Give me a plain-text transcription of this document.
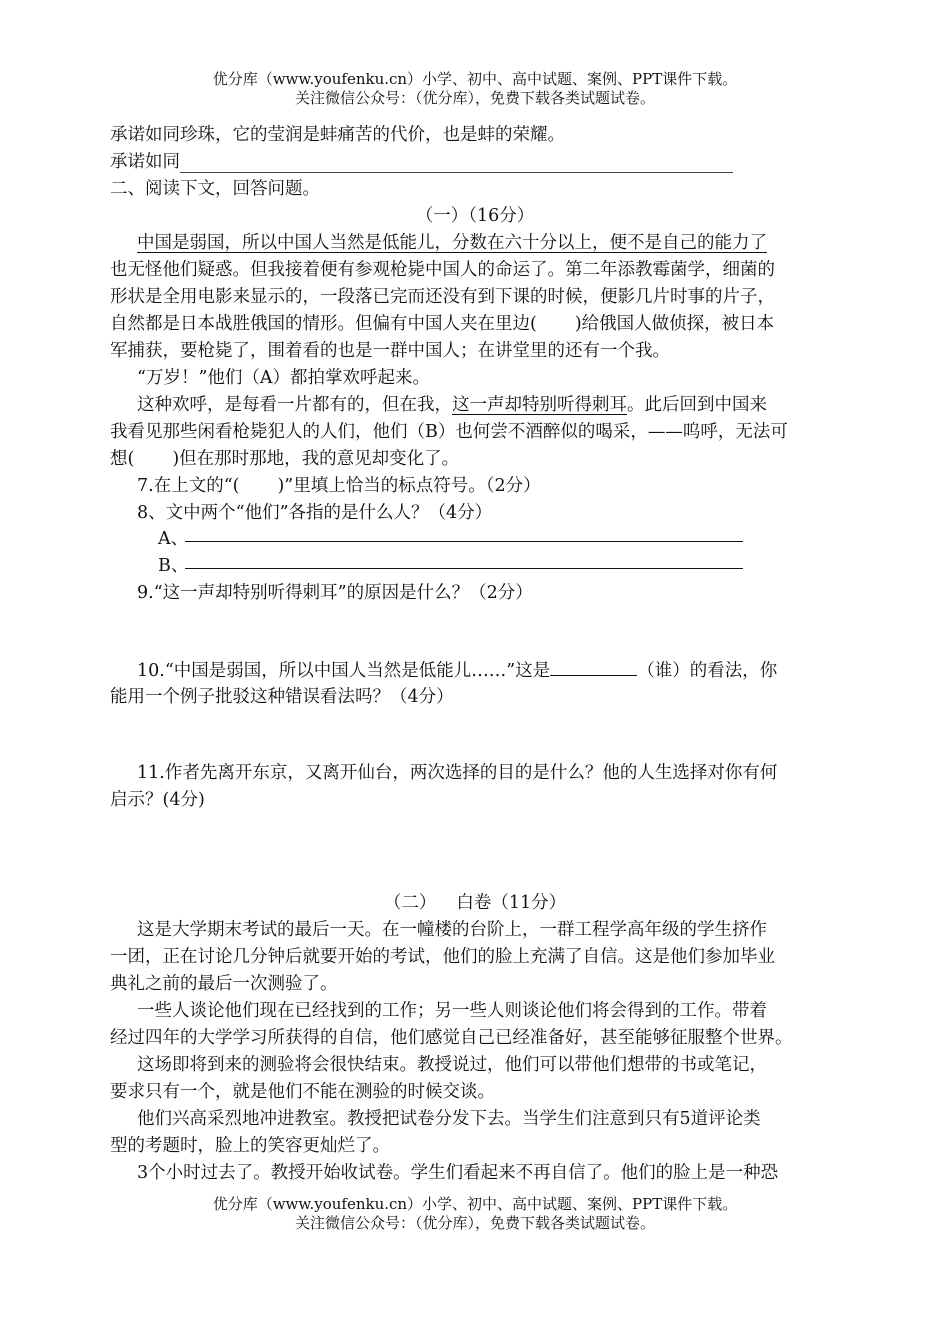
优分库（www.youfenku.cn）小学、初中、高中试题、案例、PPT课件下载。
关注微信公众号：（优分库），免费下载各类试题试卷。
承诺如同珍珠，它的莹润是蚌痛苦的代价，也是蚌的荣耀。
承诺如同
二、阅读下文，回答问题。
（一）（16分）
中国是弱国，所以中国人当然是低能儿，分数在六十分以上，便不是自己的能力了
也无怪他们疑惑。但我接着便有参观枪毙中国人的命运了。第二年添教霉菌学，细菌的
形状是全用电影来显示的，一段落已完而还没有到下课的时候，便影几片时事的片子，
自然都是日本战胜俄国的情形。但偏有中国人夹在里边( )给俄国人做侦探，被日本
军捕获，要枪毙了，围着看的也是一群中国人；在讲堂里的还有一个我。
“万岁！”他们（A）都拍掌欢呼起来。
这种欢呼，是每看一片都有的，但在我，这一声却特别听得刺耳。此后回到中国来
我看见那些闲看枪毙犯人的人们，他们（B）也何尝不酒醉似的喝采，——呜呼，无法可
想( )但在那时那地，我的意见却变化了。
7.在上文的“( )”里填上恰当的标点符号。（2分）
8、文中两个“他们”各指的是什么人？（4分）
A、
B、
9.“这一声却特别听得刺耳”的原因是什么？（2分）
10.“中国是弱国，所以中国人当然是低能儿……”这是	（谁）的看法，你
能用一个例子批驳这种错误看法吗？（4分）
11.作者先离开东京，又离开仙台，两次选择的目的是什么？他的人生选择对你有何
启示？(4分)
（二） 白卷（11分）
这是大学期末考试的最后一天。在一幢楼的台阶上，一群工程学高年级的学生挤作
一团，正在讨论几分钟后就要开始的考试，他们的脸上充满了自信。这是他们参加毕业
典礼之前的最后一次测验了。
一些人谈论他们现在已经找到的工作；另一些人则谈论他们将会得到的工作。带着
经过四年的大学学习所获得的自信，他们感觉自己已经准备好，甚至能够征服整个世界。
这场即将到来的测验将会很快结束。教授说过，他们可以带他们想带的书或笔记，
要求只有一个，就是他们不能在测验的时候交谈。
他们兴高采烈地冲进教室。教授把试卷分发下去。当学生们注意到只有5道评论类
型的考题时，脸上的笑容更灿烂了。
3个小时过去了。教授开始收试卷。学生们看起来不再自信了。他们的脸上是一种恐
优分库（www.youfenku.cn）小学、初中、高中试题、案例、PPT课件下载。
关注微信公众号：（优分库），免费下载各类试题试卷。
